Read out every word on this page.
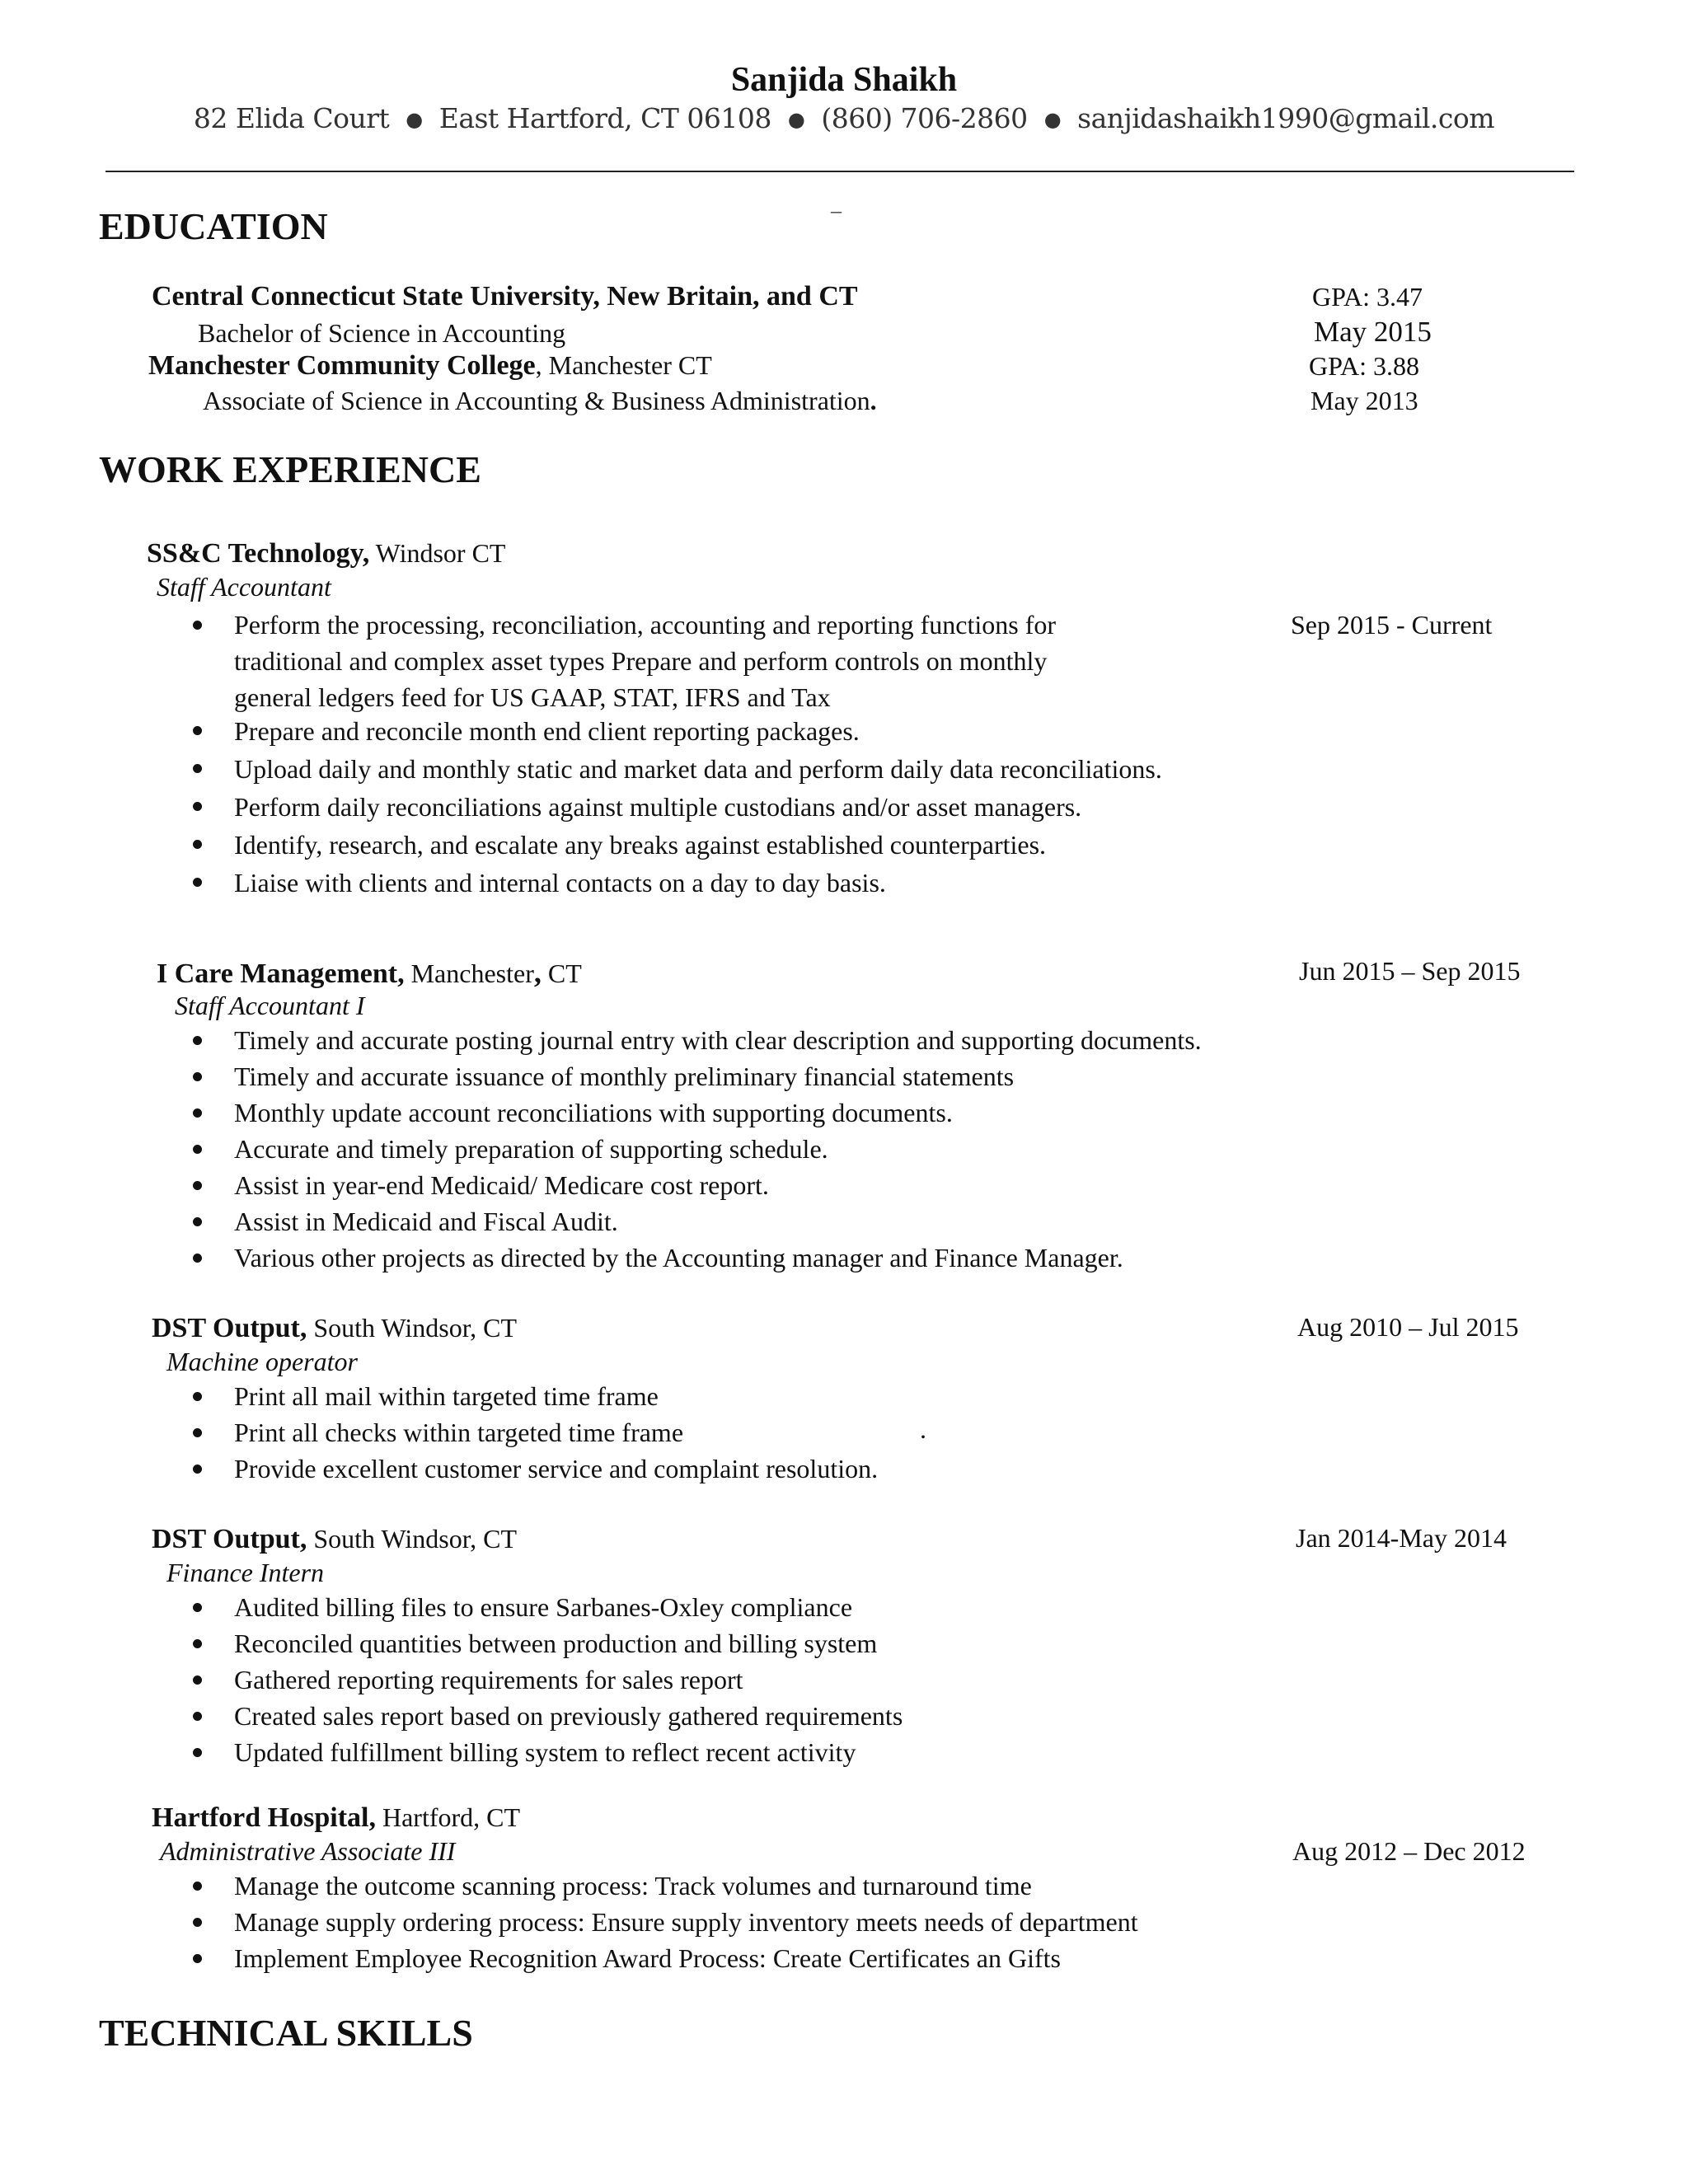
Sanjida Shaikh
82 Elida Court ● East Hartford, CT 06108 ● (860) 706-2860 ● sanjidashaikh1990@gmail.com
_
EDUCATION
Central Connecticut State University, New Britain, and CT	GPA: 3.47
Bachelor of Science in Accounting	May 2015
Manchester Community College, Manchester CT	GPA: 3.88
Associate of Science in Accounting & Business Administration.	May 2013
WORK EXPERIENCE
SS&C Technology, Windsor CT
Staff Accountant
Sep 2015 - Current
Perform the processing, reconciliation, accounting and reporting functions for
traditional and complex asset types Prepare and perform controls on monthly
general ledgers feed for US GAAP, STAT, IFRS and Tax
Prepare and reconcile month end client reporting packages.
Upload daily and monthly static and market data and perform daily data reconciliations.
Perform daily reconciliations against multiple custodians and/or asset managers.
Identify, research, and escalate any breaks against established counterparties.
Liaise with clients and internal contacts on a day to day basis.
I Care Management, Manchester, CT	Jun 2015 – Sep 2015
Staff Accountant I
Timely and accurate posting journal entry with clear description and supporting documents.
Timely and accurate issuance of monthly preliminary financial statements
Monthly update account reconciliations with supporting documents.
Accurate and timely preparation of supporting schedule.
Assist in year-end Medicaid/ Medicare cost report.
Assist in Medicaid and Fiscal Audit.
Various other projects as directed by the Accounting manager and Finance Manager.
DST Output, South Windsor, CT	Aug 2010 – Jul 2015
Machine operator
Print all mail within targeted time frame
Print all checks within targeted time frame
Provide excellent customer service and complaint resolution.
.
DST Output, South Windsor, CT	Jan 2014-May 2014
Finance Intern
Audited billing files to ensure Sarbanes-Oxley compliance
Reconciled quantities between production and billing system
Gathered reporting requirements for sales report
Created sales report based on previously gathered requirements
Updated fulfillment billing system to reflect recent activity
Hartford Hospital, Hartford, CT
Administrative Associate III	Aug 2012 – Dec 2012
Manage the outcome scanning process: Track volumes and turnaround time
Manage supply ordering process: Ensure supply inventory meets needs of department
Implement Employee Recognition Award Process: Create Certificates an Gifts
TECHNICAL SKILLS
